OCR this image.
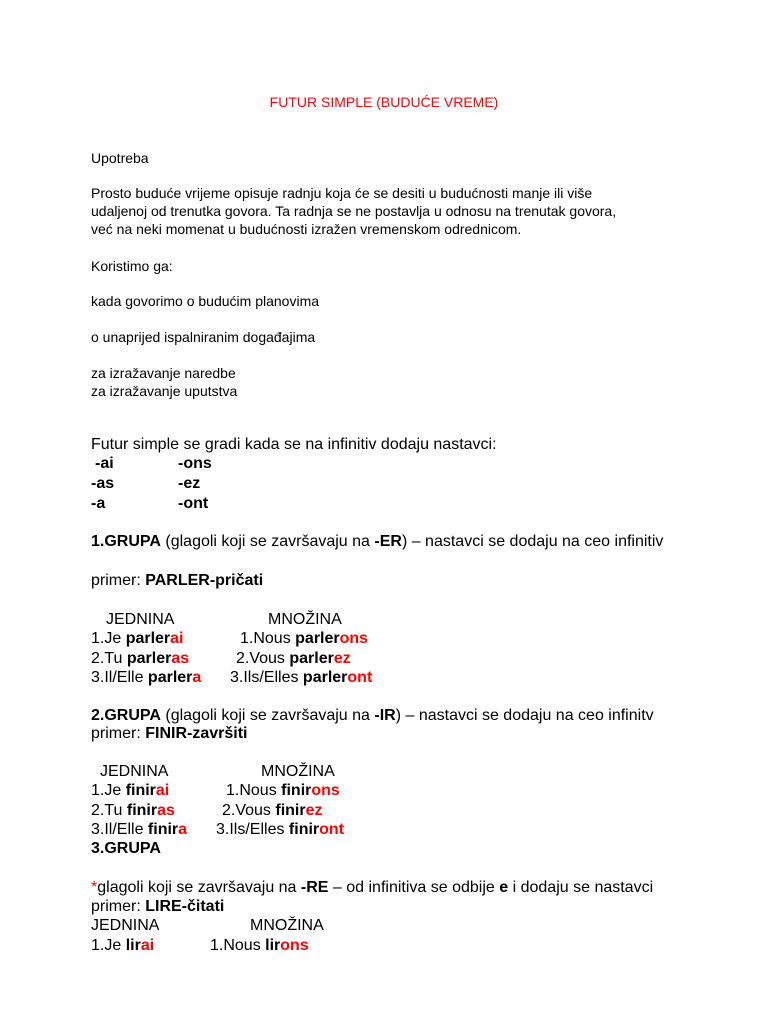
FUTUR SIMPLE (BUDUĆE VREME)
Upotreba
Prosto buduće vrijeme opisuje radnju koja će se desiti u budućnosti manje ili više
udaljenoj od trenutka govora. Ta radnja se ne postavlja u odnosu na trenutak govora,
već na neki momenat u budućnosti izražen vremenskom odrednicom.
Koristimo ga:
kada govorimo o budućim planovima
o unaprijed ispalniranim događajima
za izražavanje naredbe
za izražavanje uputstva
Futur simple se gradi kada se na infinitiv dodaju nastavci:
-ai	-ons
-as	-ez
-a	-ont
1.GRUPA (glagoli koji se završavaju na -ER) – nastavci se dodaju na ceo infinitiv
primer: PARLER-pričati
JEDNINA	MNOŽINA
1.Je parlerai	1.Nous parlerons
2.Tu parleras	2.Vous parlerez
3.Il/Elle parlera 3.Ils/Elles parleront
2.GRUPA (glagoli koji se završavaju na -IR) – nastavci se dodaju na ceo infinitv
primer: FINIR-završiti
JEDNINA	MNOŽINA
1.Je finirai	1.Nous finirons
2.Tu finiras	2.Vous finirez
3.Il/Elle finira 3.Ils/Elles finiront
3.GRUPA
*glagoli koji se završavaju na -RE – od infinitiva se odbije e i dodaju se nastavci
primer: LIRE-čitati
JEDNINA	MNOŽINA
1.Je lirai	1.Nous lirons
